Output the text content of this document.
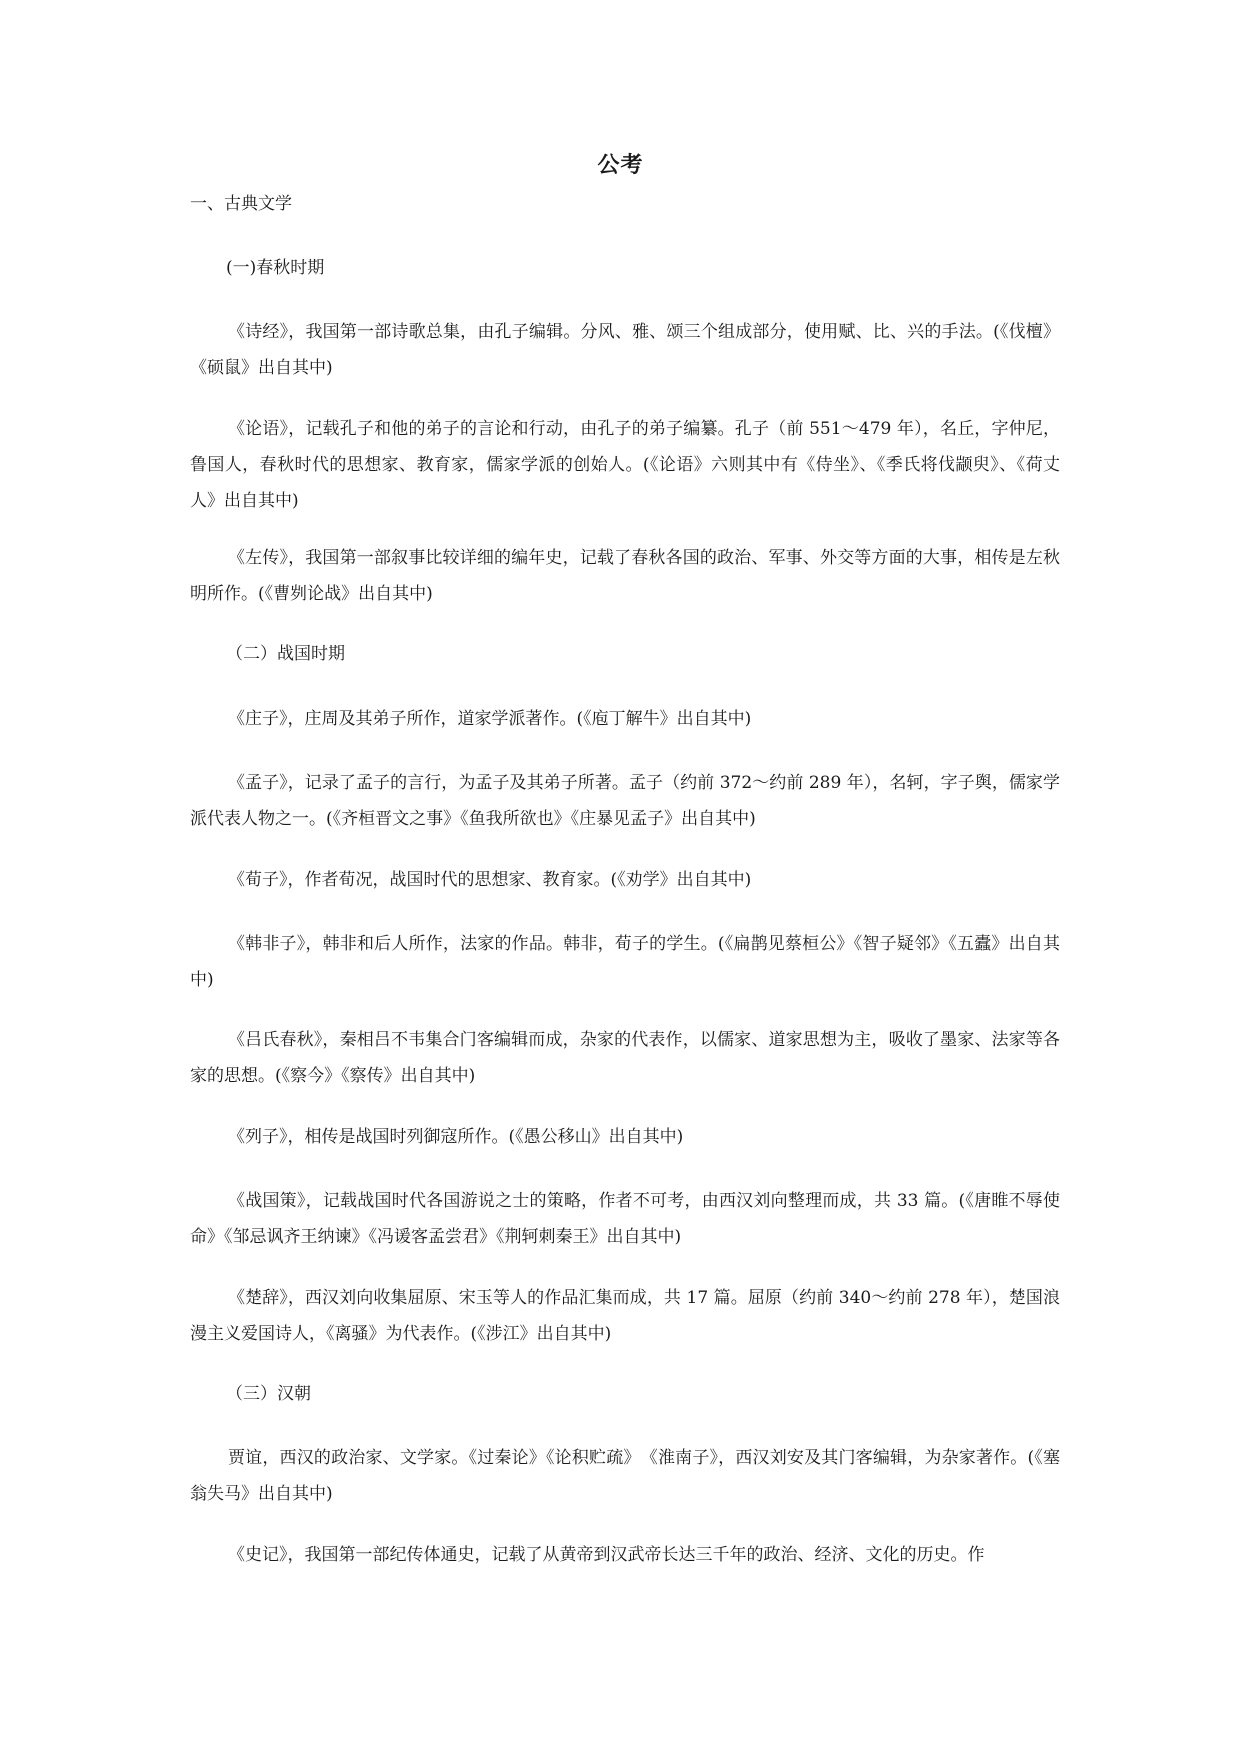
公考

一、古典文学

(一)春秋时期

《诗经》，我国第一部诗歌总集，由孔子编辑。分风、雅、颂三个组成部分，使用赋、比、兴的手法。(《伐檀》《硕鼠》出自其中)

《论语》，记载孔子和他的弟子的言论和行动，由孔子的弟子编纂。孔子（前 551～479 年），名丘，字仲尼，鲁国人，春秋时代的思想家、教育家，儒家学派的创始人。(《论语》六则其中有《侍坐》、《季氏将伐颛臾》、《荷丈人》出自其中)

《左传》，我国第一部叙事比较详细的编年史，记载了春秋各国的政治、军事、外交等方面的大事，相传是左秋明所作。(《曹刿论战》出自其中)

（二）战国时期

《庄子》，庄周及其弟子所作，道家学派著作。(《庖丁解牛》出自其中)

《孟子》，记录了孟子的言行，为孟子及其弟子所著。孟子（约前 372～约前 289 年），名轲，字子舆，儒家学派代表人物之一。(《齐桓晋文之事》《鱼我所欲也》《庄暴见孟子》出自其中)

《荀子》，作者荀况，战国时代的思想家、教育家。(《劝学》出自其中)

《韩非子》，韩非和后人所作，法家的作品。韩非，荀子的学生。(《扁鹊见蔡桓公》《智子疑邻》《五蠹》出自其中)

《吕氏春秋》，秦相吕不韦集合门客编辑而成，杂家的代表作，以儒家、道家思想为主，吸收了墨家、法家等各家的思想。(《察今》《察传》出自其中)

《列子》，相传是战国时列御寇所作。(《愚公移山》出自其中)

《战国策》，记载战国时代各国游说之士的策略，作者不可考，由西汉刘向整理而成，共 33 篇。(《唐睢不辱使命》《邹忌讽齐王纳谏》《冯谖客孟尝君》《荆轲刺秦王》出自其中)

《楚辞》，西汉刘向收集屈原、宋玉等人的作品汇集而成，共 17 篇。屈原（约前 340～约前 278 年），楚国浪漫主义爱国诗人，《离骚》为代表作。(《涉江》出自其中)

（三）汉朝

贾谊，西汉的政治家、文学家。《过秦论》《论积贮疏》　《淮南子》，西汉刘安及其门客编辑，为杂家著作。(《塞翁失马》出自其中)

《史记》，我国第一部纪传体通史，记载了从黄帝到汉武帝长达三千年的政治、经济、文化的历史。作
